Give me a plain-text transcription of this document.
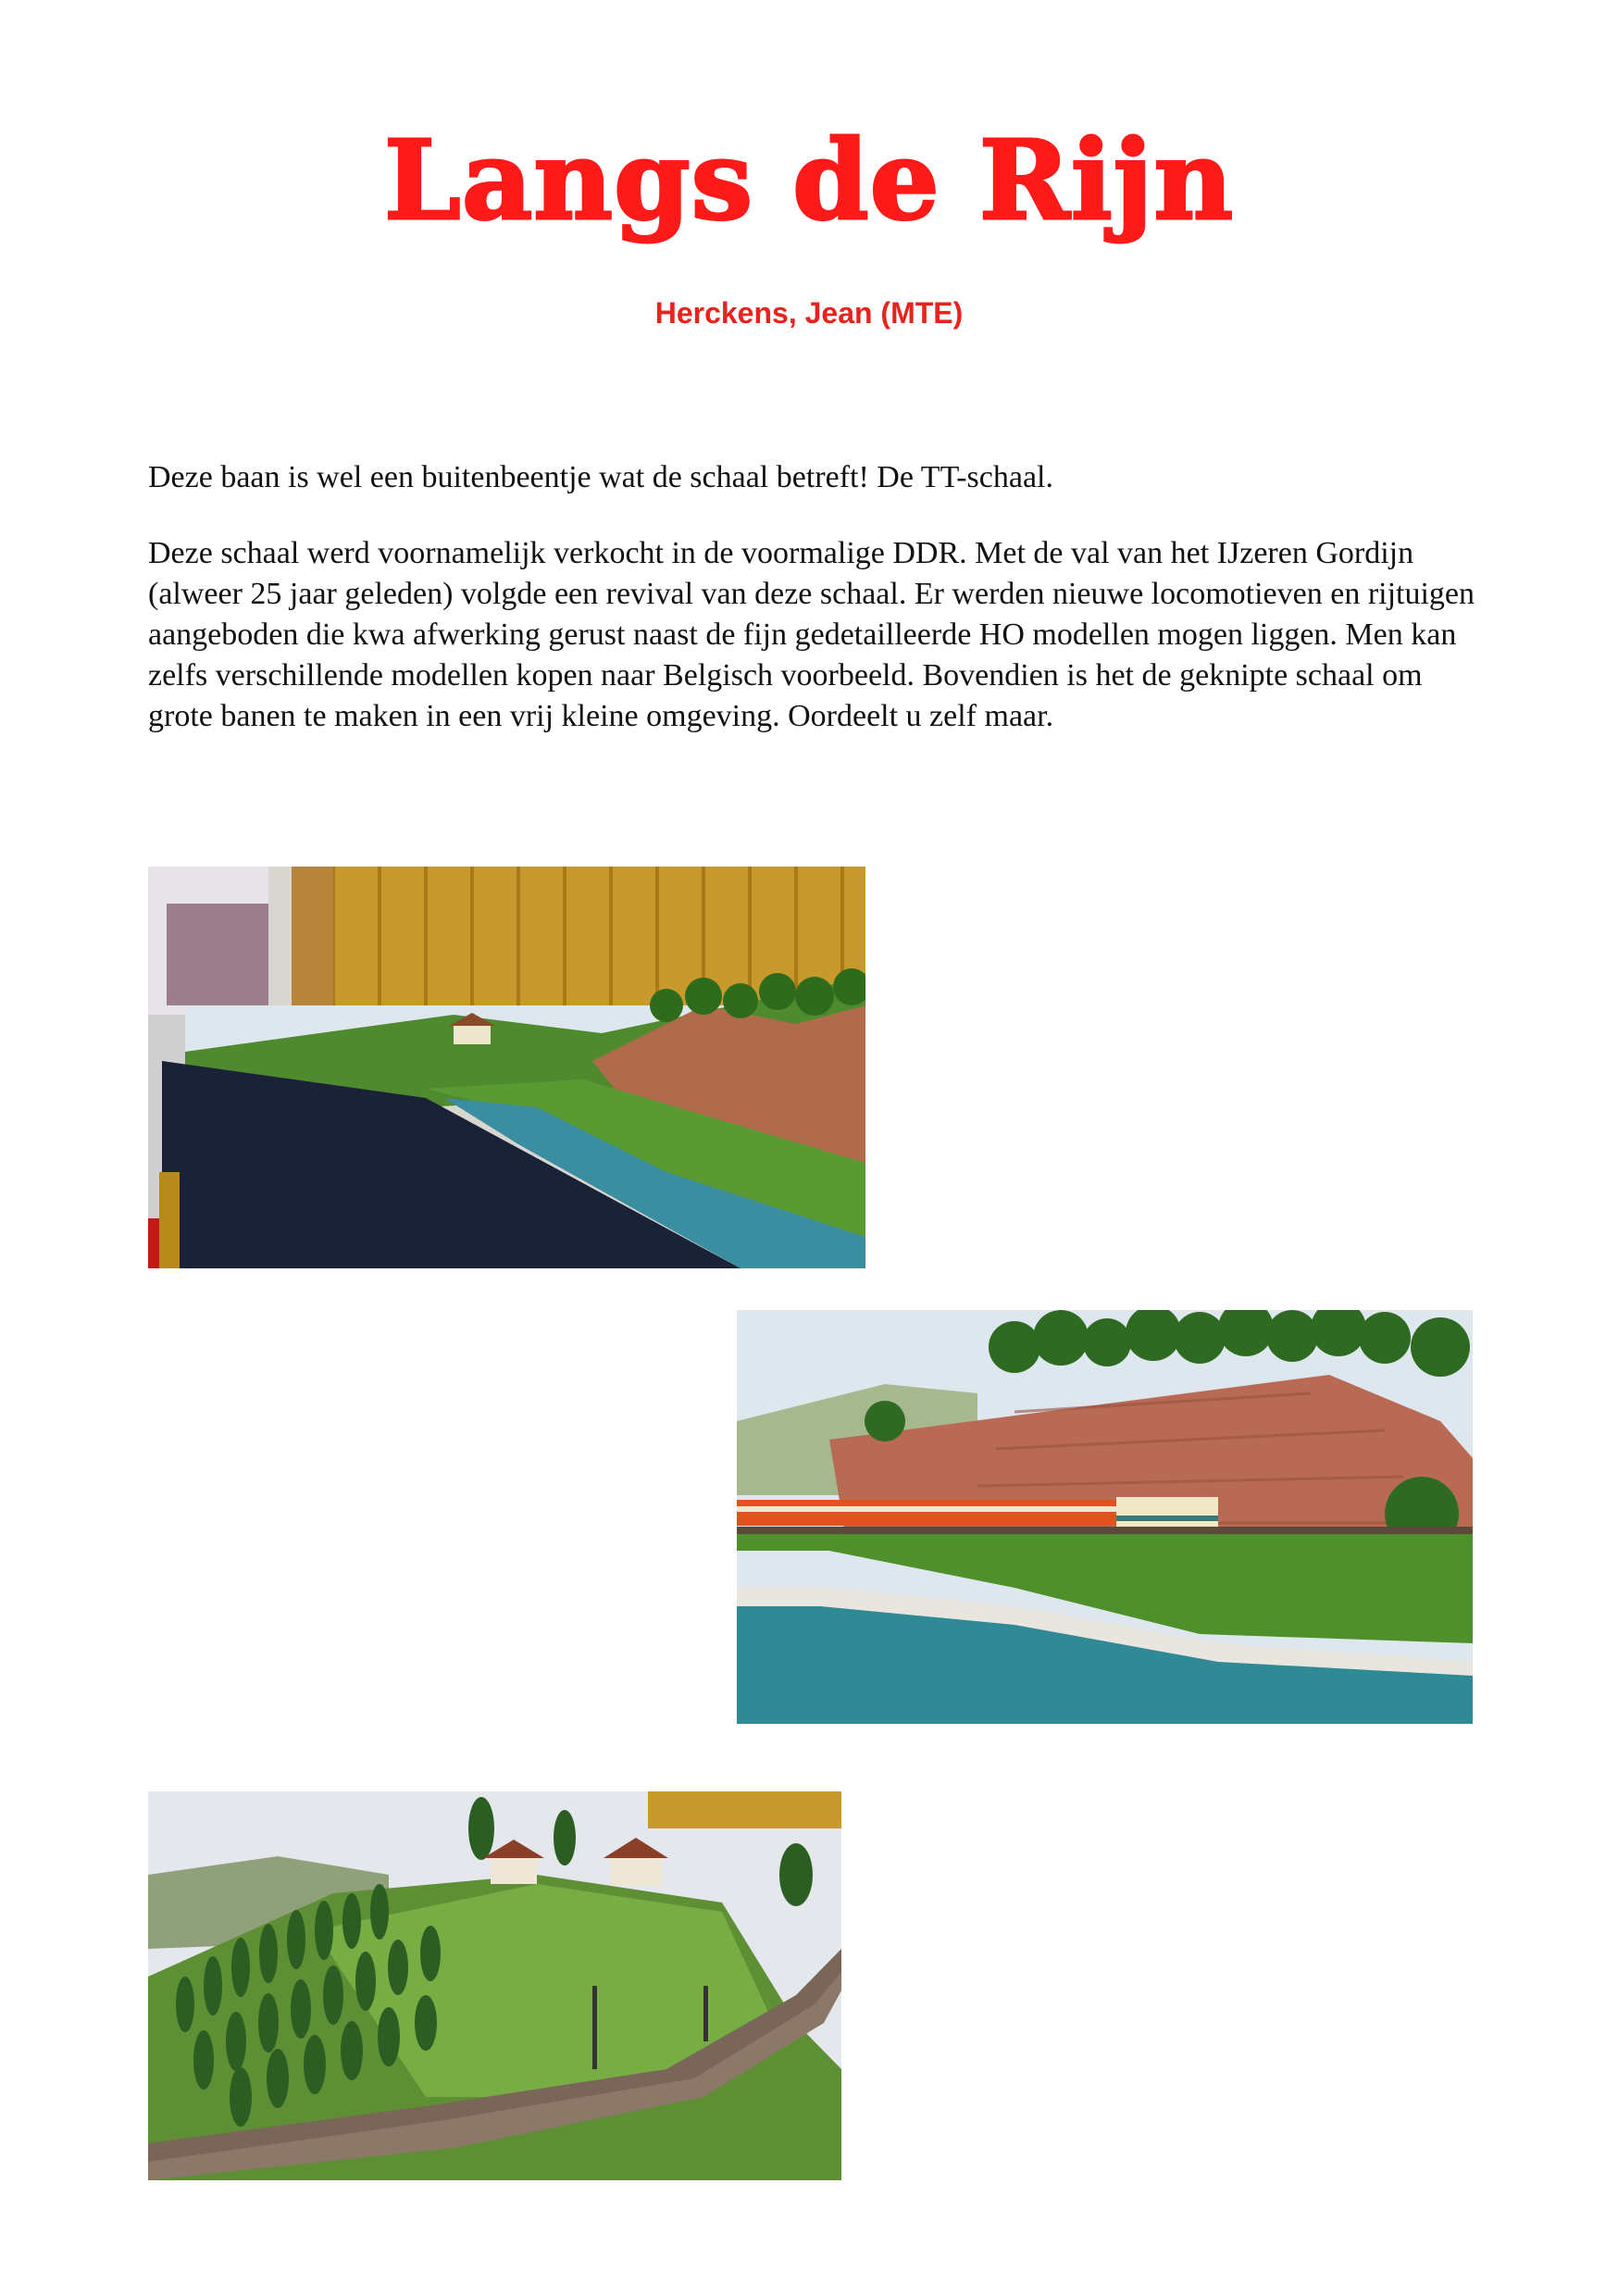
Langs de Rijn
Herckens, Jean (MTE)

Deze baan is wel een buitenbeentje wat de schaal betreft! De TT-schaal.

Deze schaal werd voornamelijk verkocht in de voormalige DDR. Met de val van het IJzeren Gordijn (alweer 25 jaar geleden) volgde een revival van deze schaal. Er werden nieuwe locomotieven en rijtuigen aangeboden die kwa afwerking gerust naast de fijn gedetailleerde HO modellen mogen liggen. Men kan zelfs verschillende modellen kopen naar Belgisch voorbeeld. Bovendien is het de geknipte schaal om grote banen te maken in een vrij kleine omgeving. Oordeelt u zelf maar.
